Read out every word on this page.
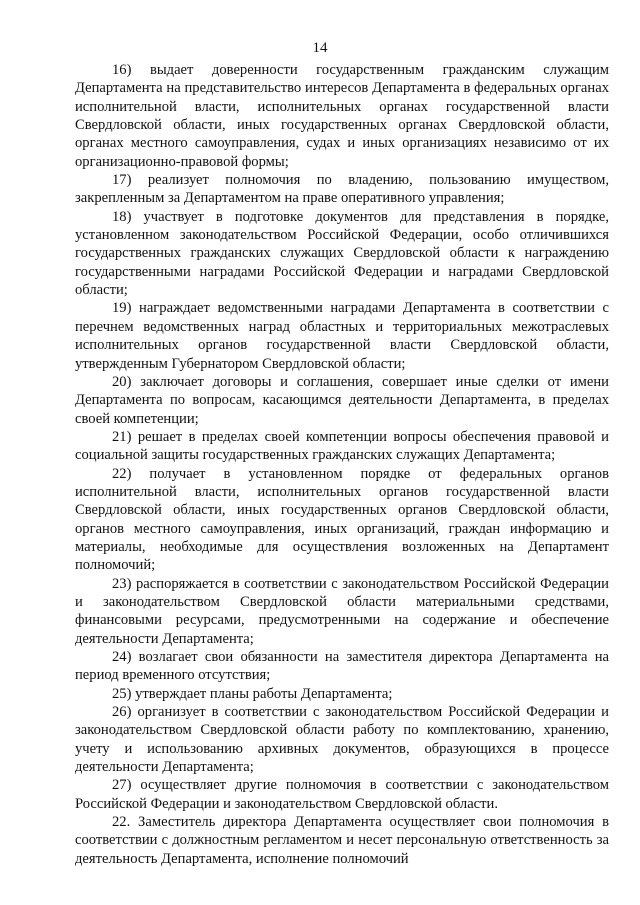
14

16) выдает доверенности государственным гражданским служащим Департамента на представительство интересов Департамента в федеральных органах исполнительной власти, исполнительных органах государственной власти Свердловской области, иных государственных органах Свердловской области, органах местного самоуправления, судах и иных организациях независимо от их организационно-правовой формы;

17) реализует полномочия по владению, пользованию имуществом, закрепленным за Департаментом на праве оперативного управления;

18) участвует в подготовке документов для представления в порядке, установленном законодательством Российской Федерации, особо отличившихся государственных гражданских служащих Свердловской области к награждению государственными наградами Российской Федерации и наградами Свердловской области;

19) награждает ведомственными наградами Департамента в соответствии с перечнем ведомственных наград областных и территориальных межотраслевых исполнительных органов государственной власти Свердловской области, утвержденным Губернатором Свердловской области;

20) заключает договоры и соглашения, совершает иные сделки от имени Департамента по вопросам, касающимся деятельности Департамента, в пределах своей компетенции;

21) решает в пределах своей компетенции вопросы обеспечения правовой и социальной защиты государственных гражданских служащих Департамента;

22) получает в установленном порядке от федеральных органов исполнительной власти, исполнительных органов государственной власти Свердловской области, иных государственных органов Свердловской области, органов местного самоуправления, иных организаций, граждан информацию и материалы, необходимые для осуществления возложенных на Департамент полномочий;

23) распоряжается в соответствии с законодательством Российской Федерации и законодательством Свердловской области материальными средствами, финансовыми ресурсами, предусмотренными на содержание и обеспечение деятельности Департамента;

24) возлагает свои обязанности на заместителя директора Департамента на период временного отсутствия;

25) утверждает планы работы Департамента;

26) организует в соответствии с законодательством Российской Федерации и законодательством Свердловской области работу по комплектованию, хранению, учету и использованию архивных документов, образующихся в процессе деятельности Департамента;

27) осуществляет другие полномочия в соответствии с законодательством Российской Федерации и законодательством Свердловской области.

22. Заместитель директора Департамента осуществляет свои полномочия в соответствии с должностным регламентом и несет персональную ответственность за деятельность Департамента, исполнение полномочий
